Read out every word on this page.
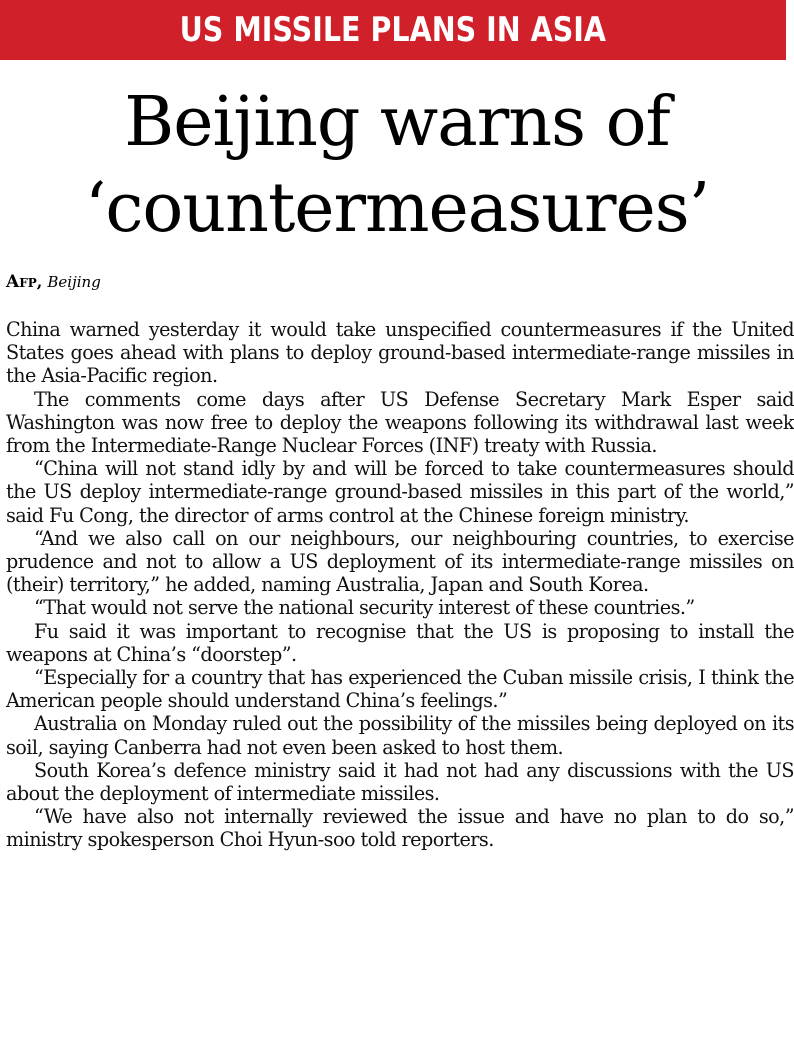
US MISSILE PLANS IN ASIA
Beijing warns of
‘countermeasures’
Afp, Beijing

China warned yesterday it would take unspecified countermeasures if the United States goes ahead with plans to deploy ground-based intermediate-range missiles in the Asia-Pacific region.

The comments come days after US Defense Secretary Mark Esper said Washington was now free to deploy the weapons following its withdrawal last week from the Intermediate-Range Nuclear Forces (INF) treaty with Russia.

“China will not stand idly by and will be forced to take countermeasures should the US deploy intermediate-range ground-based missiles in this part of the world,” said Fu Cong, the director of arms control at the Chinese foreign ministry.

“And we also call on our neighbours, our neighbouring countries, to exercise prudence and not to allow a US deployment of its intermediate-range missiles on (their) territory,” he added, naming Australia, Japan and South Korea.

“That would not serve the national security interest of these countries.”

Fu said it was important to recognise that the US is proposing to install the weapons at China’s “doorstep”.

“Especially for a country that has experienced the Cuban missile crisis, I think the American people should understand China’s feelings.”

Australia on Monday ruled out the possibility of the missiles being deployed on its soil, saying Canberra had not even been asked to host them.

South Korea’s defence ministry said it had not had any discussions with the US about the deployment of intermediate missiles.

“We have also not internally reviewed the issue and have no plan to do so,” ministry spokesperson Choi Hyun-soo told reporters.
